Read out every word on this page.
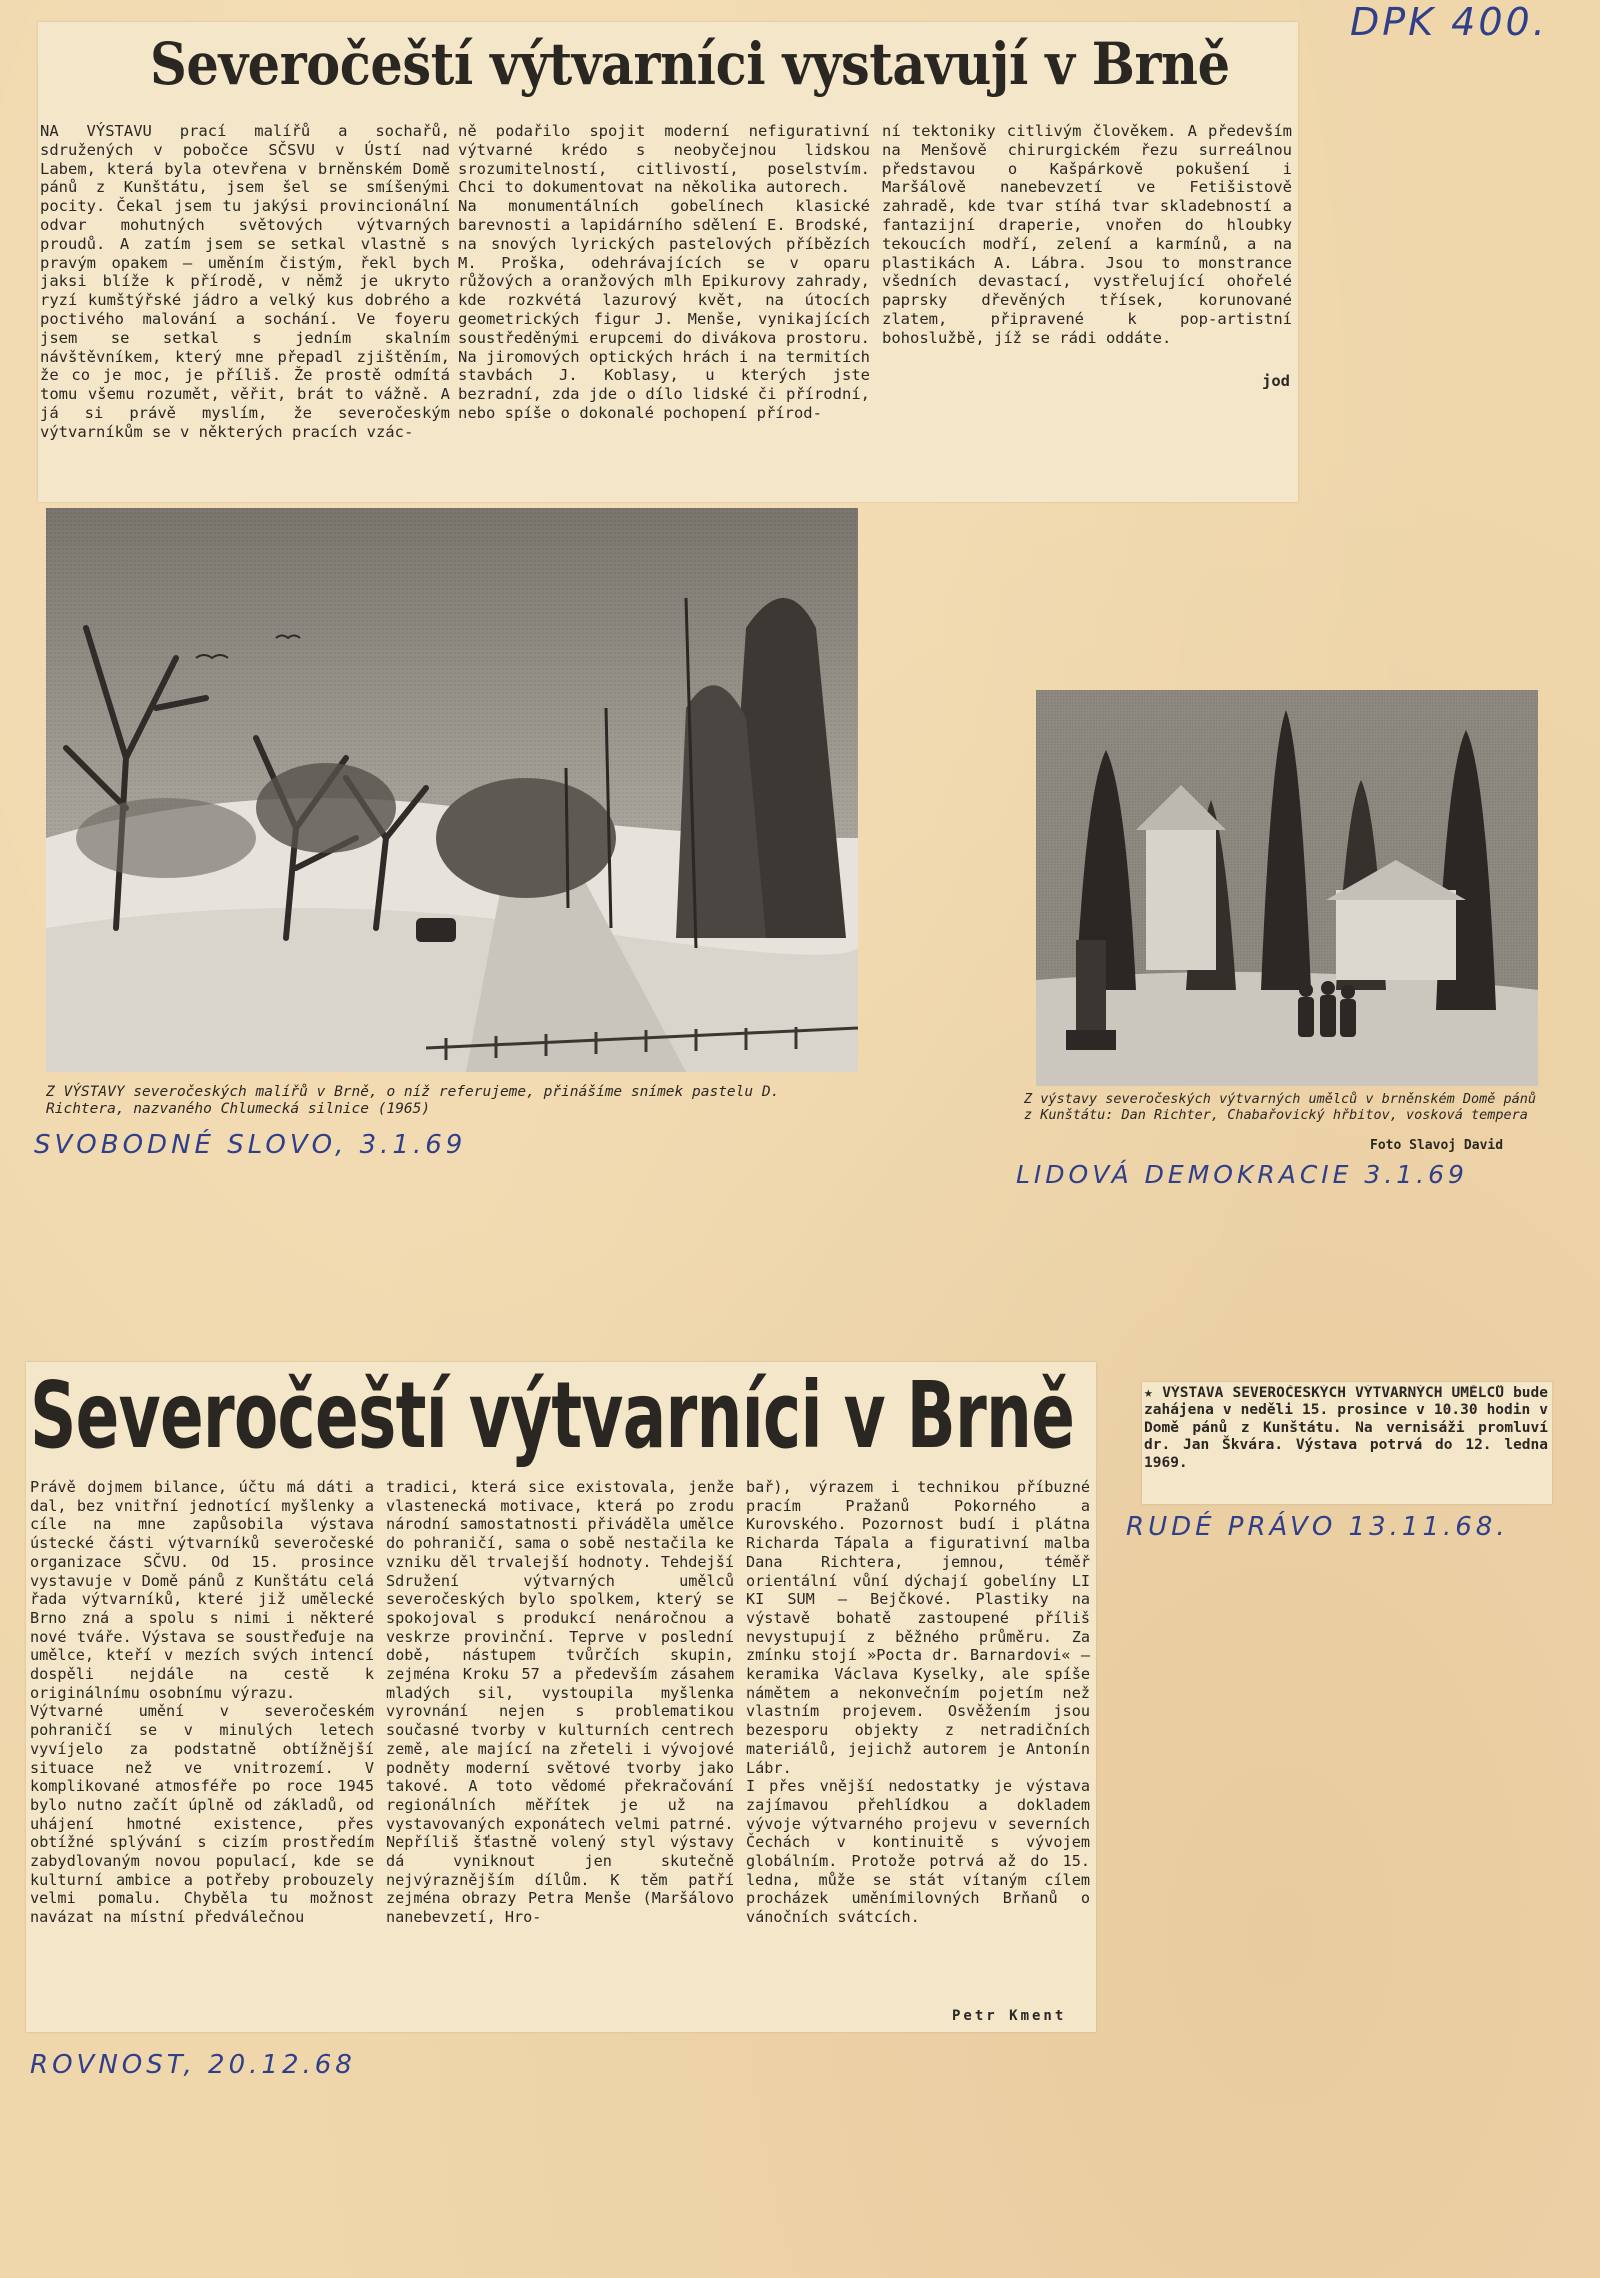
DPK 400.
Severočeští výtvarníci vystavují v Brně
NA VÝSTAVU prací malířů a sochařů, sdružených v pobočce SČSVU v Ústí nad Labem, která byla otevřena v brněnském Domě pánů z Kunštátu, jsem šel se smíšenými pocity. Čekal jsem tu jakýsi provincionální odvar mohutných světových výtvarných proudů. A zatím jsem se setkal vlastně s pravým opakem — uměním čistým, řekl bych jaksi blíže k přírodě, v němž je ukryto ryzí kumštýřské jádro a velký kus dobrého a poctivého malování a sochání. Ve foyeru jsem se setkal s jedním skalním návštěvníkem, který mne přepadl zjištěním, že co je moc, je příliš. Že prostě odmítá tomu všemu rozumět, věřit, brát to vážně. A já si právě myslím, že severočeským výtvarníkům se v některých pracích vzác-
ně podařilo spojit moderní nefigurativní výtvarné krédo s neobyčejnou lidskou srozumitelností, citlivostí, poselstvím. Chci to dokumentovat na několika autorech.
Na monumentálních gobelínech klasické barevnosti a lapidárního sdělení E. Brodské, na snových lyrických pastelových příbězích M. Proška, odehrávajících se v oparu růžových a oranžových mlh Epikurovy zahrady, kde rozkvétá lazurový květ, na útocích geometrických figur J. Menše, vynikajících soustředěnými erupcemi do divákova prostoru. Na jiromových optických hrách i na termitích stavbách J. Koblasy, u kterých jste bezradní, zda jde o dílo lidské či přírodní, nebo spíše o dokonalé pochopení přírod-
ní tektoniky citlivým člověkem. A především na Menšově chirurgickém řezu surreálnou představou o Kašpárkově pokušení i Maršálově nanebevzetí ve Fetišistově zahradě, kde tvar stíhá tvar skladebností a fantazijní draperie, vnořen do hloubky tekoucích modří, zelení a karmínů, a na plastikách A. Lábra. Jsou to monstrance všedních devastací, vystřelující ohořelé paprsky dřevěných třísek, korunované zlatem, připravené k pop-artistní bohoslužbě, jíž se rádi oddáte.
jod
Z VÝSTAVY severočeských malířů v Brně, o níž referujeme, přinášíme snímek pastelu D. Richtera, nazvaného Chlumecká silnice (1965)
SVOBODNÉ SLOVO, 3.1.69
Z výstavy severočeských výtvarných umělců v brněnském Domě pánů z Kunštátu: Dan Richter, Chabařovický hřbitov, vosková tempera
Foto Slavoj David
LIDOVÁ DEMOKRACIE 3.1.69
Severočeští výtvarníci v Brně
Právě dojmem bilance, účtu má dáti a dal, bez vnitřní jednotící myšlenky a cíle na mne zapůsobila výstava ústecké části výtvarníků severočeské organizace SČVU. Od 15. prosince vystavuje v Domě pánů z Kunštátu celá řada výtvarníků, které již umělecké Brno zná a spolu s nimi i některé nové tváře. Výstava se soustřeďuje na umělce, kteří v mezích svých intencí dospěli nejdále na cestě k originálnímu osobnímu výrazu.
Výtvarné umění v severočeském pohraničí se v minulých letech vyvíjelo za podstatně obtížnější situace než ve vnitrozemí. V komplikované atmosféře po roce 1945 bylo nutno začít úplně od základů, od uhájení hmotné existence, přes obtížné splývání s cizím prostředím zabydlovaným novou populací, kde se kulturní ambice a potřeby probouzely velmi pomalu. Chyběla tu možnost navázat na místní předválečnou
tradici, která sice existovala, jenže vlastenecká motivace, která po zrodu národní samostatnosti přiváděla umělce do pohraničí, sama o sobě nestačila ke vzniku děl trvalejší hodnoty. Tehdejší Sdružení výtvarných umělců severočeských bylo spolkem, který se spokojoval s produkcí nenáročnou a veskrze provinční. Teprve v poslední době, nástupem tvůrčích skupin, zejména Kroku 57 a především zásahem mladých sil, vystoupila myšlenka vyrovnání nejen s problematikou současné tvorby v kulturních centrech země, ale mající na zřeteli i vývojové podněty moderní světové tvorby jako takové. A toto vědomé překračování regionálních měřítek je už na vystavovaných exponátech velmi patrné.
Nepříliš šťastně volený styl výstavy dá vyniknout jen skutečně nejvýraznějším dílům. K těm patří zejména obrazy Petra Menše (Maršálovo nanebevzetí, Hro-
bař), výrazem i technikou příbuzné pracím Pražanů Pokorného a Kurovského. Pozornost budí i plátna Richarda Tápala a figurativní malba Dana Richtera, jemnou, téměř orientální vůní dýchají gobelíny LI KI SUM — Bejčkové. Plastiky na výstavě bohatě zastoupené příliš nevystupují z běžného průměru. Za zmínku stojí »Pocta dr. Barnardovi« — keramika Václava Kyselky, ale spíše námětem a nekonvečním pojetím než vlastním projevem. Osvěžením jsou bezesporu objekty z netradičních materiálů, jejichž autorem je Antonín Lábr.
I přes vnější nedostatky je výstava zajímavou přehlídkou a dokladem vývoje výtvarného projevu v severních Čechách v kontinuitě s vývojem globálním. Protože potrvá až do 15. ledna, může se stát vítaným cílem procházek uměnímilovných Brňanů o vánočních svátcích.
Petr Kment
ROVNOST, 20.12.68
★ VÝSTAVA SEVEROČESKÝCH VÝTVARNÝCH UMĚLCŮ bude zahájena v neděli 15. prosince v 10.30 hodin v Domě pánů z Kunštátu. Na vernisáži promluví dr. Jan Škvára. Výstava potrvá do 12. ledna 1969.
RUDÉ PRÁVO 13.11.68.
